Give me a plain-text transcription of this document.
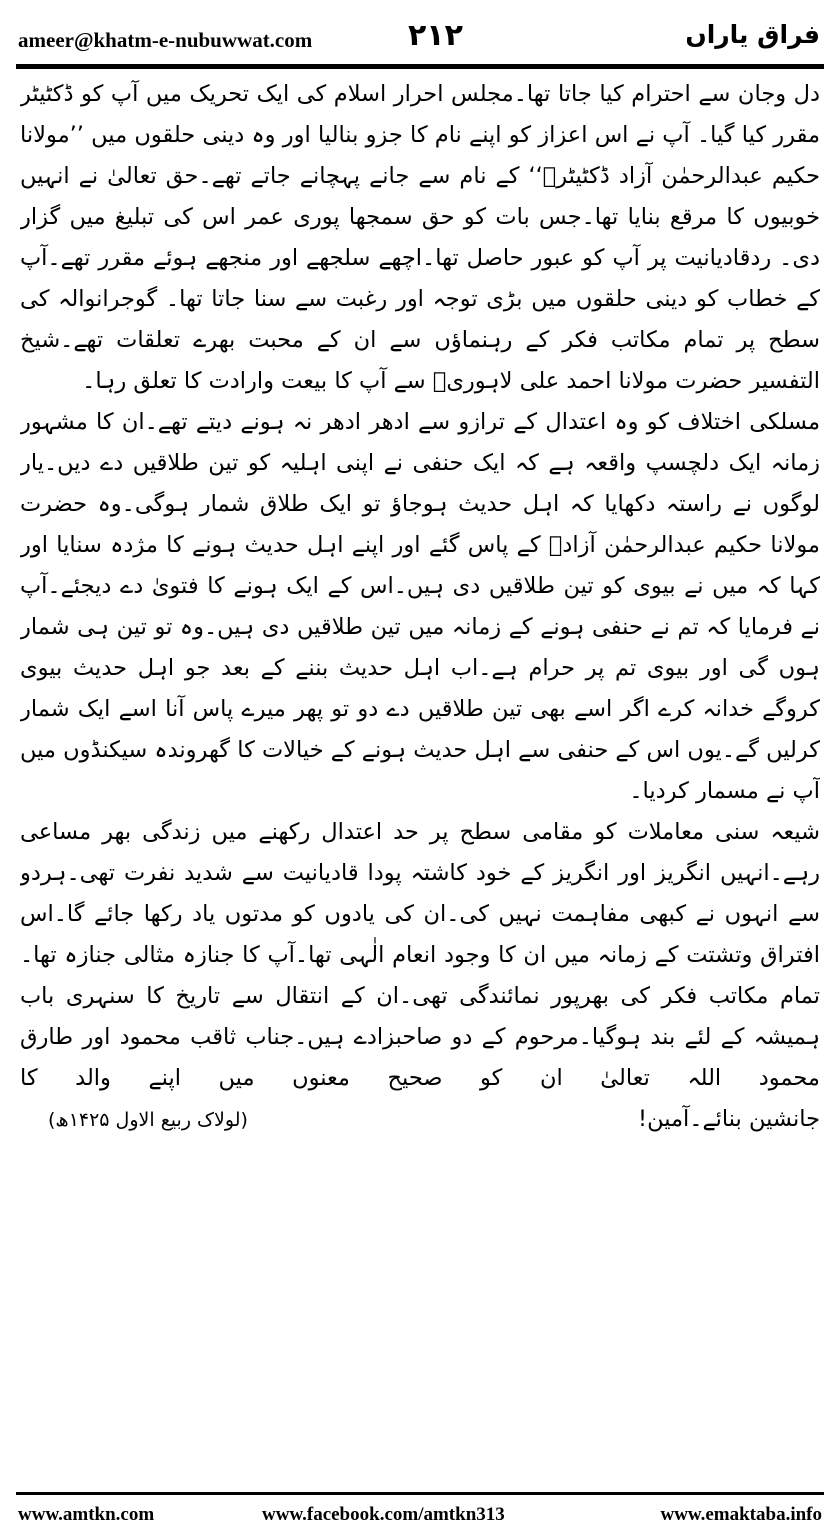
ameer@khatm-e-nubuwwat.com	۲۱۲	فراق یاراں

دل وجان سے احترام کیا جاتا تھا۔مجلس احرار اسلام کی ایک تحریک میں آپ کو ڈکٹیٹر مقرر کیا گیا۔ آپ نے اس اعزاز کو اپنے نام کا جزو بنالیا اور وہ دینی حلقوں میں ’’مولانا حکیم عبدالرحمٰن آزاد ڈکٹیٹرؒ‘‘ کے نام سے جانے پہچانے جاتے تھے۔حق تعالیٰ نے انہیں خوبیوں کا مرقع بنایا تھا۔جس بات کو حق سمجھا پوری عمر اس کی تبلیغ میں گزار دی۔ ردقادیانیت پر آپ کو عبور حاصل تھا۔اچھے سلجھے اور منجھے ہوئے مقرر تھے۔آپ کے خطاب کو دینی حلقوں میں بڑی توجہ اور رغبت سے سنا جاتا تھا۔ گوجرانوالہ کی سطح پر تمام مکاتب فکر کے رہنماؤں سے ان کے محبت بھرے تعلقات تھے۔شیخ التفسیر حضرت مولانا احمد علی لاہوریؒ سے آپ کا بیعت وارادت کا تعلق رہا۔

مسلکی اختلاف کو وہ اعتدال کے ترازو سے ادھر ادھر نہ ہونے دیتے تھے۔ان کا مشہور زمانہ ایک دلچسپ واقعہ ہے کہ ایک حنفی نے اپنی اہلیہ کو تین طلاقیں دے دیں۔یار لوگوں نے راستہ دکھایا کہ اہل حدیث ہوجاؤ تو ایک طلاق شمار ہوگی۔وہ حضرت مولانا حکیم عبدالرحمٰن آزادؒ کے پاس گئے اور اپنے اہل حدیث ہونے کا مژدہ سنایا اور کہا کہ میں نے بیوی کو تین طلاقیں دی ہیں۔اس کے ایک ہونے کا فتویٰ دے دیجئے۔آپ نے فرمایا کہ تم نے حنفی ہونے کے زمانہ میں تین طلاقیں دی ہیں۔وہ تو تین ہی شمار ہوں گی اور بیوی تم پر حرام ہے۔اب اہل حدیث بننے کے بعد جو اہل حدیث بیوی کروگے خدانہ کرے اگر اسے بھی تین طلاقیں دے دو تو پھر میرے پاس آنا اسے ایک شمار کرلیں گے۔یوں اس کے حنفی سے اہل حدیث ہونے کے خیالات کا گھروندہ سیکنڈوں میں آپ نے مسمار کردیا۔

شیعہ سنی معاملات کو مقامی سطح پر حد اعتدال رکھنے میں زندگی بھر مساعی رہے۔انہیں انگریز اور انگریز کے خود کاشتہ پودا قادیانیت سے شدید نفرت تھی۔ہردو سے انہوں نے کبھی مفاہمت نہیں کی۔ان کی یادوں کو مدتوں یاد رکھا جائے گا۔اس افتراق وتشتت کے زمانہ میں ان کا وجود انعام الٰہی تھا۔آپ کا جنازہ مثالی جنازہ تھا۔تمام مکاتب فکر کی بھرپور نمائندگی تھی۔ان کے انتقال سے تاریخ کا سنہری باب ہمیشہ کے لئے بند ہوگیا۔مرحوم کے دو صاحبزادے ہیں۔جناب ثاقب محمود اور طارق محمود اللہ تعالیٰ ان کو صحیح معنوں میں اپنے والد کا

جانشین بنائے۔آمین!
(لولاک ربیع الاول ۱۴۲۵ھ)
www.amtkn.com	www.facebook.com/amtkn313	www.emaktaba.info
